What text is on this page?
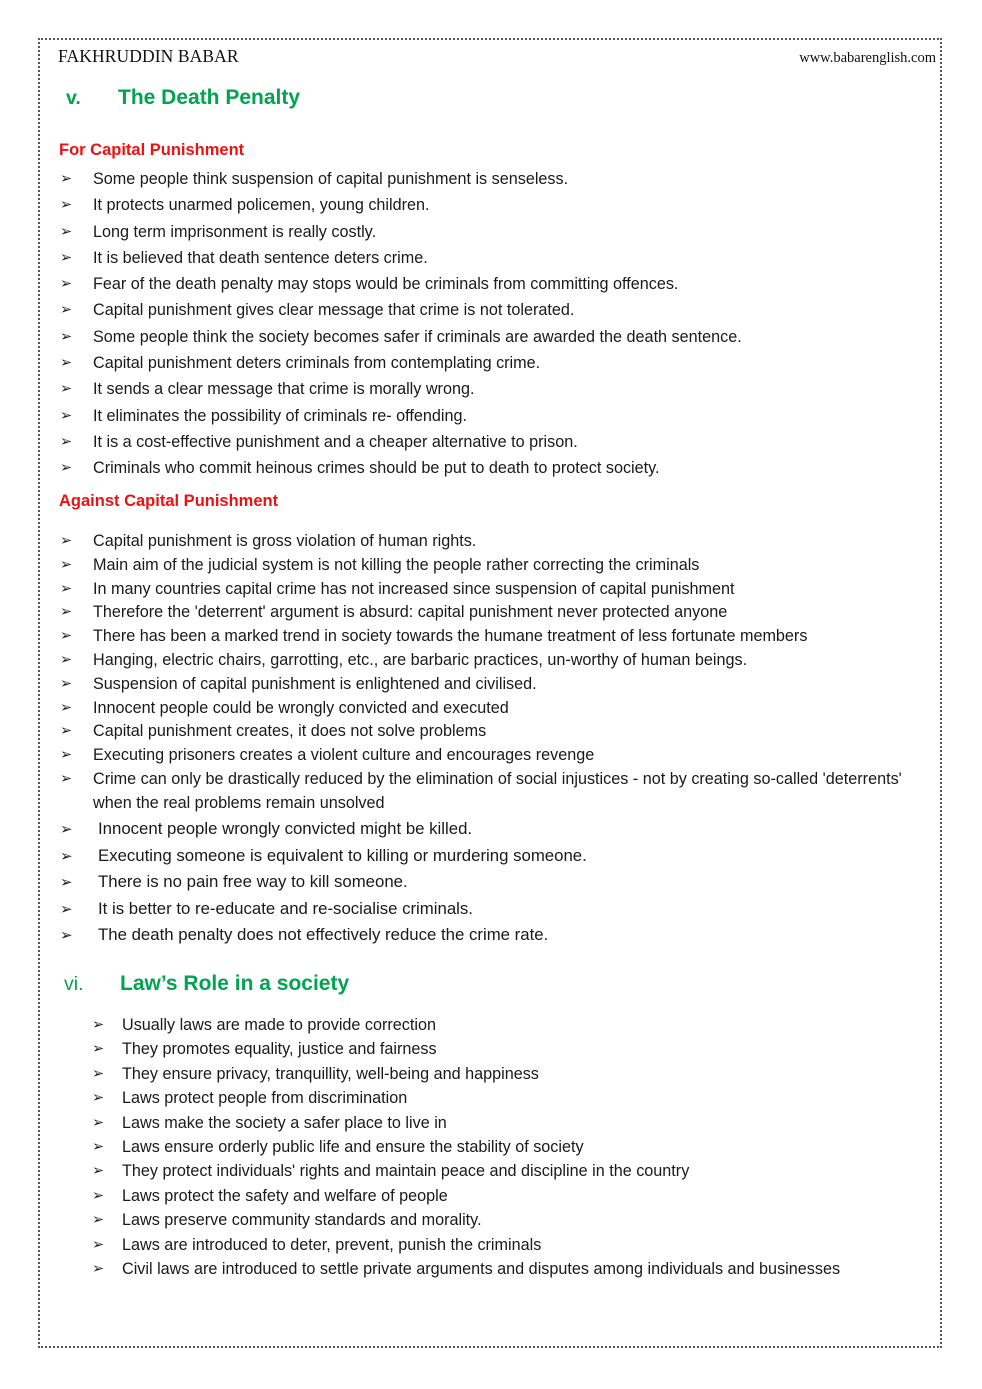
FAKHRUDDIN BABAR	www.babarenglish.com
v.	The Death Penalty
For Capital Punishment
➢	Some people think suspension of capital punishment is senseless.
➢	It protects unarmed policemen, young children.
➢	Long term imprisonment is really costly.
➢	It is believed that death sentence deters crime.
➢	Fear of the death penalty may stops would be criminals from committing offences.
➢	Capital punishment gives clear message that crime is not tolerated.
➢	Some people think the society becomes safer if criminals are awarded the death sentence.
➢	Capital punishment deters criminals from contemplating crime.
➢	It sends a clear message that crime is morally wrong.
➢	It eliminates the possibility of criminals re- offending.
➢	It is a cost-effective punishment and a cheaper alternative to prison.
➢	Criminals who commit heinous crimes should be put to death to protect society.
Against Capital Punishment
➢	Capital punishment is gross violation of human rights.
➢	Main aim of the judicial system is not killing the people rather correcting the criminals
➢	In many countries capital crime has not increased since suspension of capital punishment
➢	Therefore the 'deterrent' argument is absurd: capital punishment never protected anyone
➢	There has been a marked trend in society towards the humane treatment of less fortunate members
➢	Hanging, electric chairs, garrotting, etc., are barbaric practices, un-worthy of human beings.
➢	Suspension of capital punishment is enlightened and civilised.
➢	Innocent people could be wrongly convicted and executed
➢	Capital punishment creates, it does not solve problems
➢	Executing prisoners creates a violent culture and encourages revenge
➢	Crime can only be drastically reduced by the elimination of social injustices - not by creating so-called 'deterrents' when the real problems remain unsolved
➢	Innocent people wrongly convicted might be killed.
➢	Executing someone is equivalent to killing or murdering someone.
➢	There is no pain free way to kill someone.
➢	It is better to re-educate and re-socialise criminals.
➢	The death penalty does not effectively reduce the crime rate.
vi.	Law’s Role in a society
➢	Usually laws are made to provide correction
➢	They promotes equality, justice and fairness
➢	They ensure privacy, tranquillity, well-being and happiness
➢	Laws protect people from discrimination
➢	Laws make the society a safer place to live in
➢	Laws ensure orderly public life and ensure the stability of society
➢	They protect individuals' rights and maintain peace and discipline in the country
➢	Laws protect the safety and welfare of people
➢	Laws preserve community standards and morality.
➢	Laws are introduced to deter, prevent, punish the criminals
➢	Civil laws are introduced to settle private arguments and disputes among individuals and businesses
